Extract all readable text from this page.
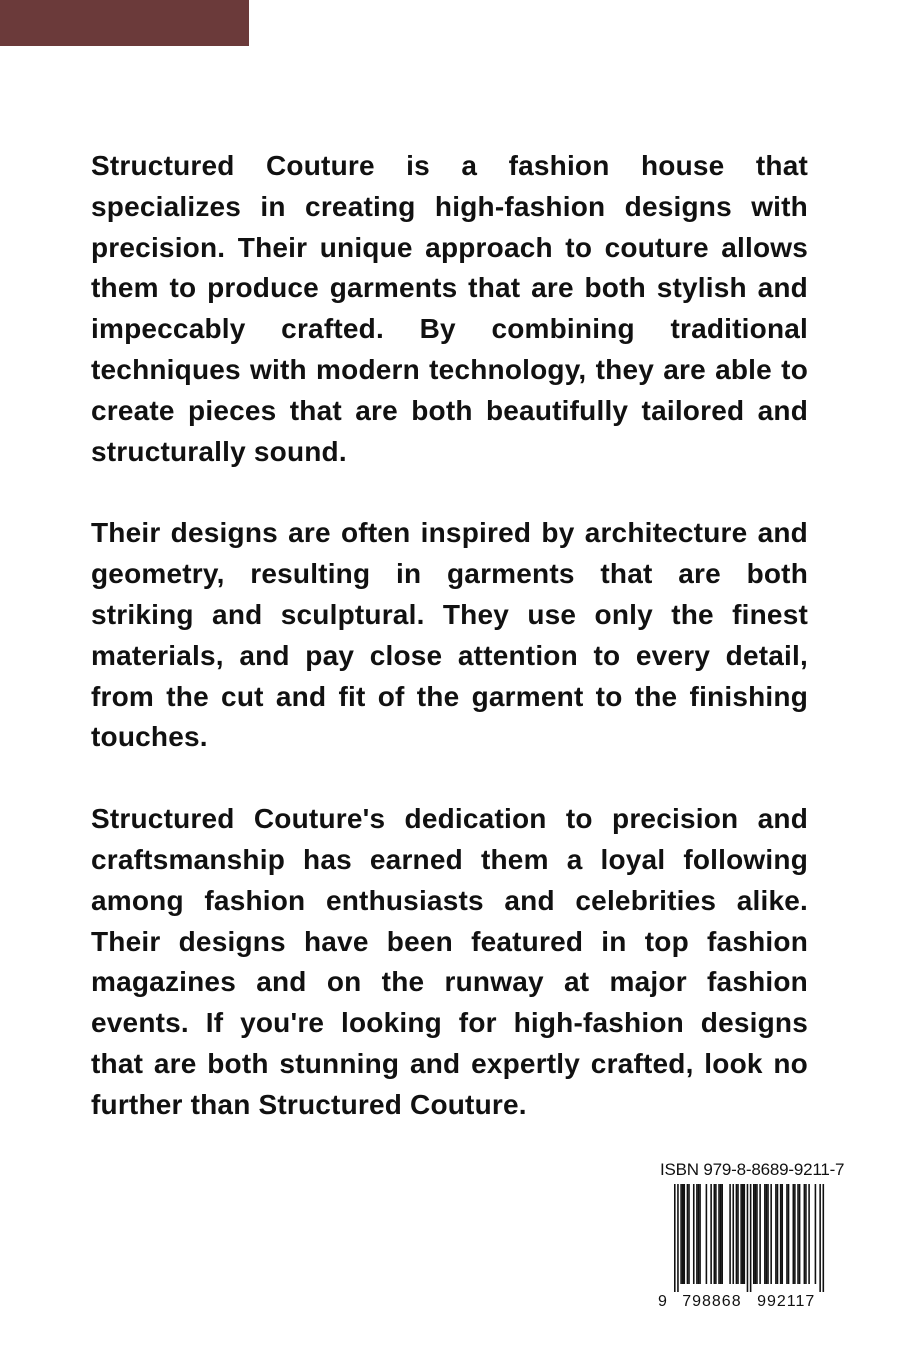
Structured Couture is a fashion house that specializes in creating high-fashion designs with precision. Their unique approach to couture allows them to produce garments that are both stylish and impeccably crafted. By combining traditional techniques with modern technology, they are able to create pieces that are both beautifully tailored and structurally sound.

Their designs are often inspired by architecture and geometry, resulting in garments that are both striking and sculptural. They use only the finest materials, and pay close attention to every detail, from the cut and fit of the garment to the finishing touches.

Structured Couture's dedication to precision and craftsmanship has earned them a loyal following among fashion enthusiasts and celebrities alike. Their designs have been featured in top fashion magazines and on the runway at major fashion events. If you're looking for high-fashion designs that are both stunning and expertly crafted, look no further than Structured Couture.

ISBN 979-8-8689-9211-7
9 798868 992117
